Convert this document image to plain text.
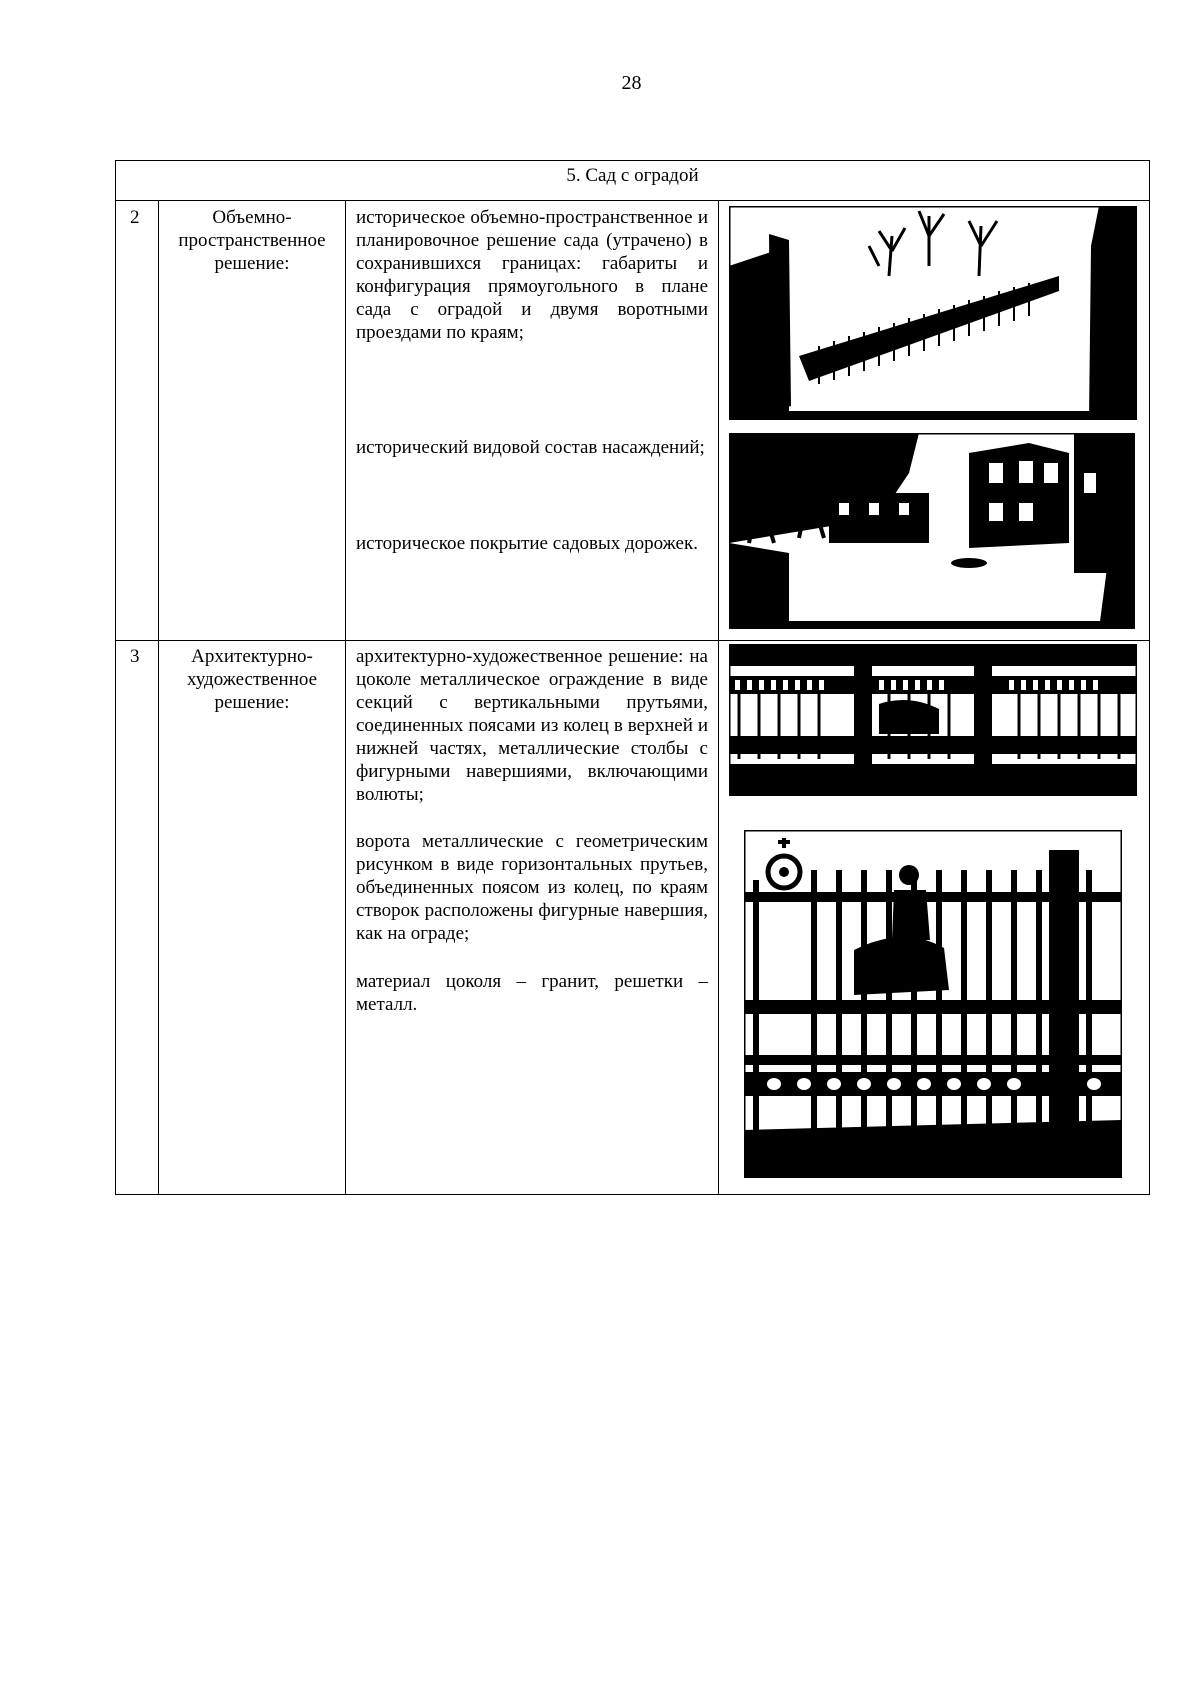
28
5. Сад с оградой
2	Объемно-пространственное решение:
историческое объемно-пространственное и планировочное решение сада (утрачено) в сохранившихся границах: габариты и конфигурация прямоугольного в плане сада с оградой и двумя воротными проездами по краям;
исторический видовой состав насаждений;
историческое покрытие садовых дорожек.
3	Архитектурно-художественное решение:
архитектурно-художественное решение: на цоколе металлическое ограждение в виде секций с вертикальными прутьями, соединенных поясами из колец в верхней и нижней частях, металлические столбы с фигурными навершиями, включающими волюты;
ворота металлические с геометрическим рисунком в виде горизонтальных прутьев, объединенных поясом из колец, по краям створок расположены фигурные навершия, как на ограде;
материал цоколя – гранит, решетки – металл.
